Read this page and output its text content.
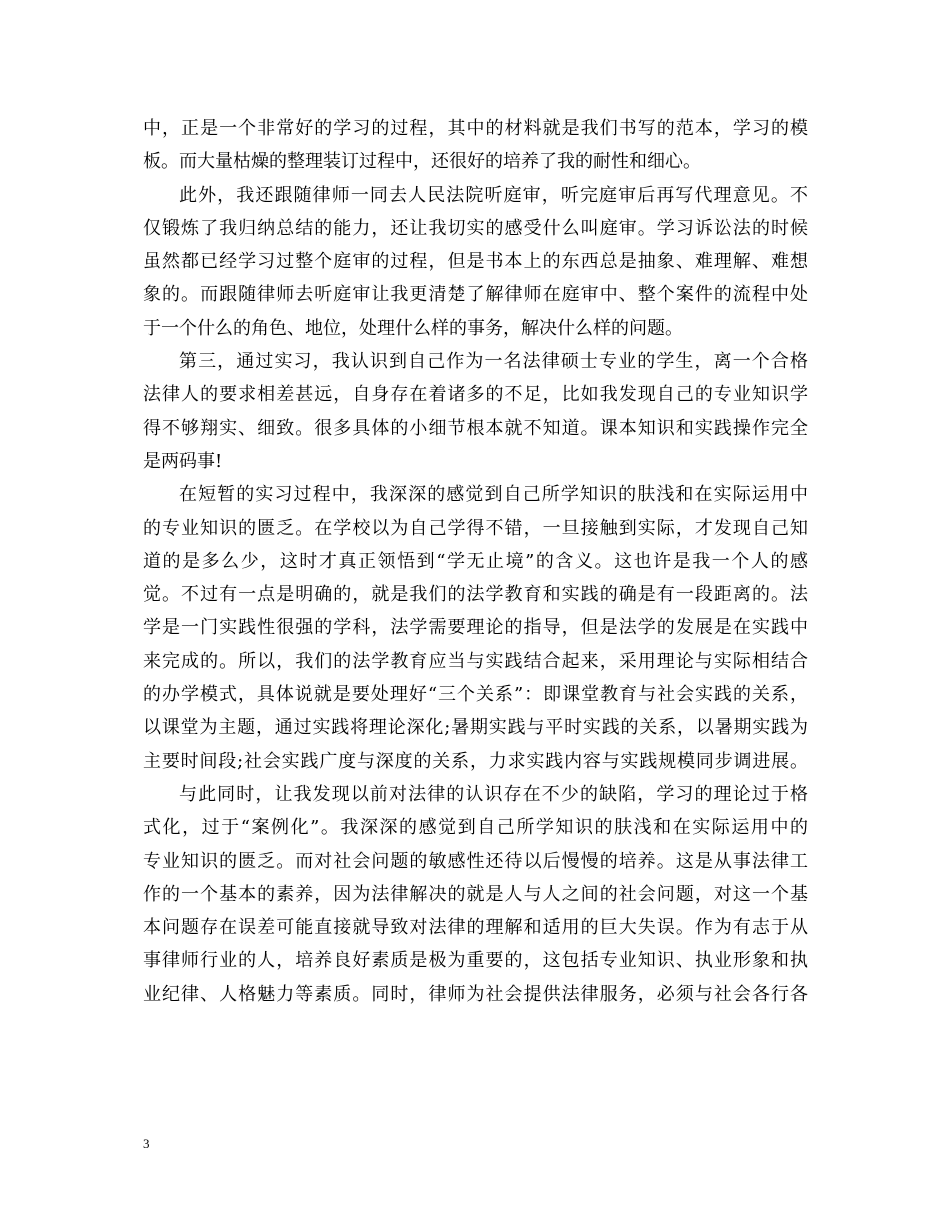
中，正是一个非常好的学习的过程，其中的材料就是我们书写的范本，学习的模
板。而大量枯燥的整理装订过程中，还很好的培养了我的耐性和细心。
此外，我还跟随律师一同去人民法院听庭审，听完庭审后再写代理意见。不
仅锻炼了我归纳总结的能力，还让我切实的感受什么叫庭审。学习诉讼法的时候
虽然都已经学习过整个庭审的过程，但是书本上的东西总是抽象、难理解、难想
象的。而跟随律师去听庭审让我更清楚了解律师在庭审中、整个案件的流程中处
于一个什么的角色、地位，处理什么样的事务，解决什么样的问题。
第三，通过实习，我认识到自己作为一名法律硕士专业的学生，离一个合格
法律人的要求相差甚远，自身存在着诸多的不足，比如我发现自己的专业知识学
得不够翔实、细致。很多具体的小细节根本就不知道。课本知识和实践操作完全
是两码事!
在短暂的实习过程中，我深深的感觉到自己所学知识的肤浅和在实际运用中
的专业知识的匮乏。在学校以为自己学得不错，一旦接触到实际，才发现自己知
道的是多么少，这时才真正领悟到“学无止境”的含义。这也许是我一个人的感
觉。不过有一点是明确的，就是我们的法学教育和实践的确是有一段距离的。法
学是一门实践性很强的学科，法学需要理论的指导，但是法学的发展是在实践中
来完成的。所以，我们的法学教育应当与实践结合起来，采用理论与实际相结合
的办学模式，具体说就是要处理好“三个关系”：即课堂教育与社会实践的关系，
以课堂为主题，通过实践将理论深化;暑期实践与平时实践的关系，以暑期实践为
主要时间段;社会实践广度与深度的关系，力求实践内容与实践规模同步调进展。
与此同时，让我发现以前对法律的认识存在不少的缺陷，学习的理论过于格
式化，过于“案例化”。我深深的感觉到自己所学知识的肤浅和在实际运用中的
专业知识的匮乏。而对社会问题的敏感性还待以后慢慢的培养。这是从事法律工
作的一个基本的素养，因为法律解决的就是人与人之间的社会问题，对这一个基
本问题存在误差可能直接就导致对法律的理解和适用的巨大失误。作为有志于从
事律师行业的人，培养良好素质是极为重要的，这包括专业知识、执业形象和执
业纪律、人格魅力等素质。同时，律师为社会提供法律服务，必须与社会各行各
3
